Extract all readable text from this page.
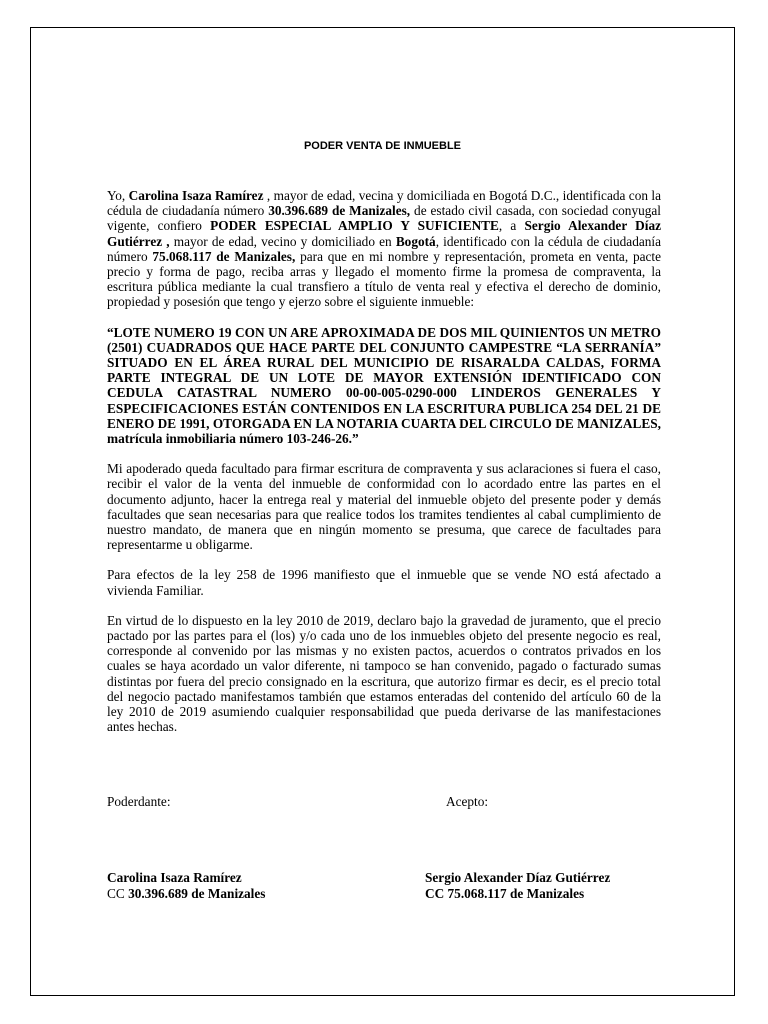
PODER VENTA DE INMUEBLE

Yo, Carolina Isaza Ramírez , mayor de edad, vecina y domiciliada en Bogotá D.C., identificada con la cédula de ciudadanía número 30.396.689 de Manizales, de estado civil casada, con sociedad conyugal vigente, confiero PODER ESPECIAL AMPLIO Y SUFICIENTE, a Sergio Alexander Díaz Gutiérrez , mayor de edad, vecino y domiciliado en Bogotá, identificado con la cédula de ciudadanía número 75.068.117 de Manizales, para que en mi nombre y representación, prometa en venta, pacte precio y forma de pago, reciba arras y llegado el momento firme la promesa de compraventa, la escritura pública mediante la cual transfiero a título de venta real y efectiva el derecho de dominio, propiedad y posesión que tengo y ejerzo sobre el siguiente inmueble:

“LOTE NUMERO 19 CON UN ARE APROXIMADA DE DOS MIL QUINIENTOS UN METRO (2501) CUADRADOS QUE HACE PARTE DEL CONJUNTO CAMPESTRE “LA SERRANÍA” SITUADO EN EL ÁREA RURAL DEL MUNICIPIO DE RISARALDA CALDAS, FORMA PARTE INTEGRAL DE UN LOTE DE MAYOR EXTENSIÓN IDENTIFICADO CON CEDULA CATASTRAL NUMERO 00-00-005-0290-000 LINDEROS GENERALES Y ESPECIFICACIONES ESTÁN CONTENIDOS EN LA ESCRITURA PUBLICA 254 DEL 21 DE ENERO DE 1991, OTORGADA EN LA NOTARIA CUARTA DEL CIRCULO DE MANIZALES, matrícula inmobiliaria número 103-246-26.”

Mi apoderado queda facultado para firmar escritura de compraventa y sus aclaraciones si fuera el caso, recibir el valor de la venta del inmueble de conformidad con lo acordado entre las partes en el documento adjunto, hacer la entrega real y material del inmueble objeto del presente poder y demás facultades que sean necesarias para que realice todos los tramites tendientes al cabal cumplimiento de nuestro mandato, de manera que en ningún momento se presuma, que carece de facultades para representarme u obligarme.

Para efectos de la ley 258 de 1996 manifiesto que el inmueble que se vende NO está afectado a vivienda Familiar.

En virtud de lo dispuesto en la ley 2010 de 2019, declaro bajo la gravedad de juramento, que el precio pactado por las partes para el (los) y/o cada uno de los inmuebles objeto del presente negocio es real, corresponde al convenido por las mismas y no existen pactos, acuerdos o contratos privados en los cuales se haya acordado un valor diferente, ni tampoco se han convenido, pagado o facturado sumas distintas por fuera del precio consignado en la escritura, que autorizo firmar es decir, es el precio total del negocio pactado manifestamos también que estamos enteradas del contenido del artículo 60 de la ley 2010 de 2019 asumiendo cualquier responsabilidad que pueda derivarse de las manifestaciones antes hechas.

Poderdante:	Acepto:
Carolina Isaza Ramírez
CC 30.396.689 de Manizales
Sergio Alexander Díaz Gutiérrez
CC 75.068.117 de Manizales
